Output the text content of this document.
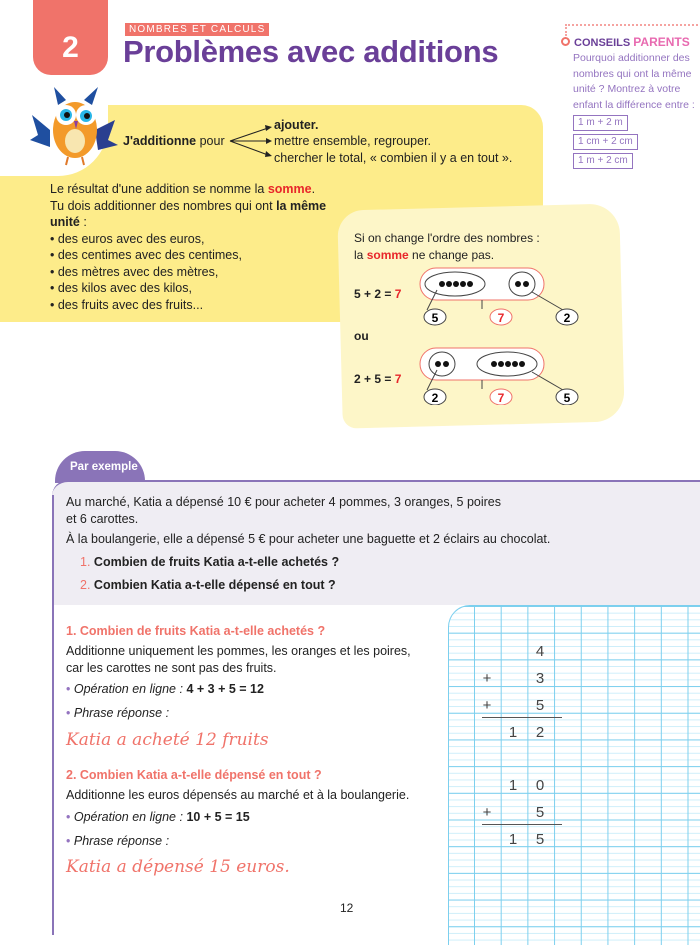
2
NOMBRES ET CALCULS
Problèmes avec additions	CONSEILS PARENTS
Pourquoi additionner des nombres qui ont la même unité ? Montrez à votre enfant la différence entre :
1 m + 2 m
1 cm + 2 cm
1 m + 2 cm
J'additionne pour
ajouter.
mettre ensemble, regrouper.
chercher le total, « combien il y a en tout ».
Le résultat d'une addition se nomme la somme.
Tu dois additionner des nombres qui ont la même
unité :
• des euros avec des euros,
• des centimes avec des centimes,
• des mètres avec des mètres,
• des kilos avec des kilos,
• des fruits avec des fruits...
Si on change l'ordre des nombres :
la somme ne change pas.
5 + 2 = 7
ou
2 + 5 = 7
5	7	2
2	7	5
Par exemple
Au marché, Katia a dépensé 10 € pour acheter 4 pommes, 3 oranges, 5 poires
et 6 carottes.
À la boulangerie, elle a dépensé 5 € pour acheter une baguette et 2 éclairs au chocolat.
1. Combien de fruits Katia a-t-elle achetés ?
2. Combien Katia a-t-elle dépensé en tout ?
1. Combien de fruits Katia a-t-elle achetés ?
Additionne uniquement les pommes, les oranges et les poires,
car les carottes ne sont pas des fruits.
• Opération en ligne : 4 + 3 + 5 = 12
• Phrase réponse :
Katia a acheté 12 fruits
2. Combien Katia a-t-elle dépensé en tout ?
Additionne les euros dépensés au marché et à la boulangerie.
• Opération en ligne : 10 + 5 = 15
• Phrase réponse :
Katia a dépensé 15 euros.
4
+	3
+	5
1	2
1	0
+	5
1	5
12
